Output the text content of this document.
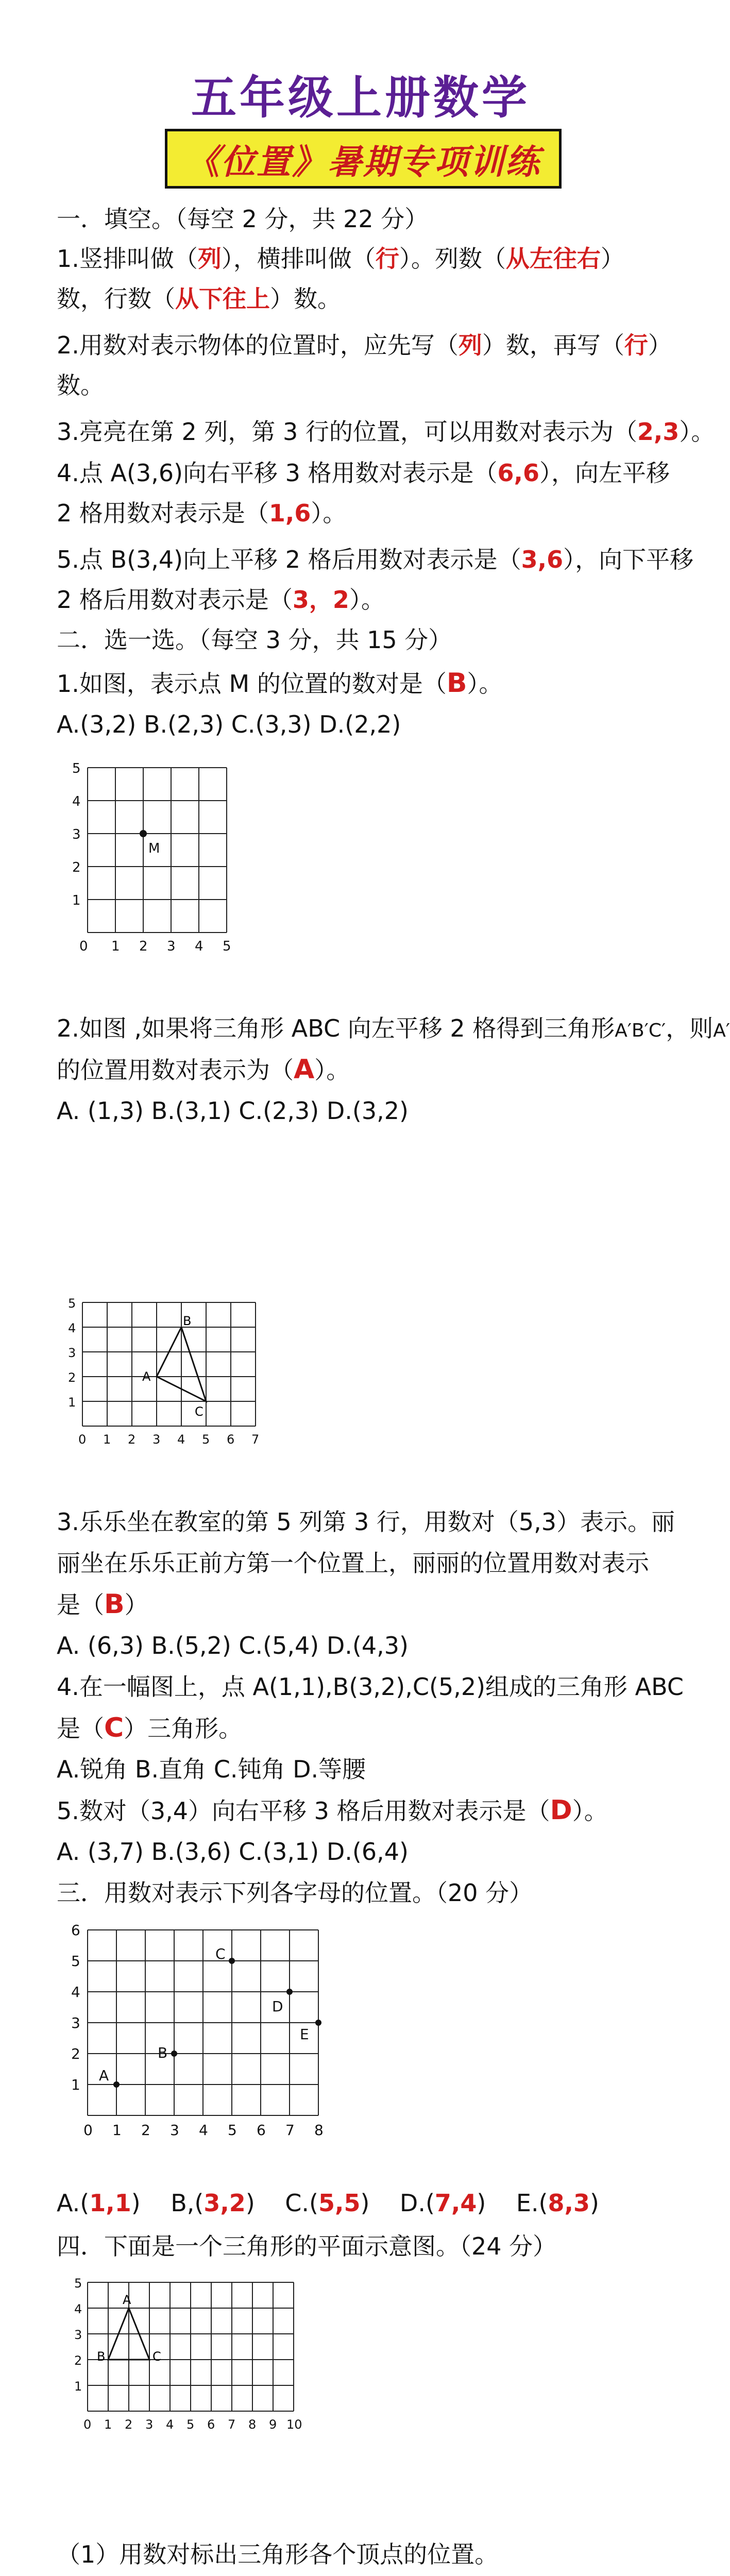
五年级上册数学
《位置》暑期专项训练
一．填空。（每空 2 分，共 22 分）
1.竖排叫做（列），横排叫做（行）。列数（从左往右）
数，行数（从下往上）数。
2.用数对表示物体的位置时，应先写（列）数，再写（行）
数。
3.亮亮在第 2 列，第 3 行的位置，可以用数对表示为（2,3）。
4.点 A(3,6)向右平移 3 格用数对表示是（6,6），向左平移
2 格用数对表示是（1,6）。
5.点 B(3,4)向上平移 2 格后用数对表示是（3,6），向下平移
2 格后用数对表示是（3，2）。
二．选一选。（每空 3 分，共 15 分）
1.如图，表示点 M 的位置的数对是（B）。
A.(3,2) B.(2,3) C.(3,3) D.(2,2)
5
4
3
2
1
0 1 2 3 4 5
M
2.如图 ,如果将三角形 ABC 向左平移 2 格得到三角形A′B′C′，则A′
的位置用数对表示为（A）。
A. (1,3) B.(3,1) C.(2,3) D.(3,2)
5
4
3
2
1
0 1 2 3 4 5 6 7
B
A
C
3.乐乐坐在教室的第 5 列第 3 行，用数对（5,3）表示。丽
丽坐在乐乐正前方第一个位置上，丽丽的位置用数对表示
是（B）
A. (6,3) B.(5,2) C.(5,4) D.(4,3)
4.在一幅图上，点 A(1,1),B(3,2),C(5,2)组成的三角形 ABC
是（C）三角形。
A.锐角 B.直角 C.钝角 D.等腰
5.数对（3,4）向右平移 3 格后用数对表示是（D）。
A. (3,7) B.(3,6) C.(3,1) D.(6,4)
三．用数对表示下列各字母的位置。（20 分）
6
5
4
3
2
1
0 1 2 3 4 5 6 7 8
A
B
C
D
E
A.(1,1) B,(3,2) C.(5,5) D.(7,4) E.(8,3)
四．下面是一个三角形的平面示意图。（24 分）
5
4
3
2
1
0 1 2 3 4 5 6 7 8 9 10
A
B	C
（1）用数对标出三角形各个顶点的位置。
